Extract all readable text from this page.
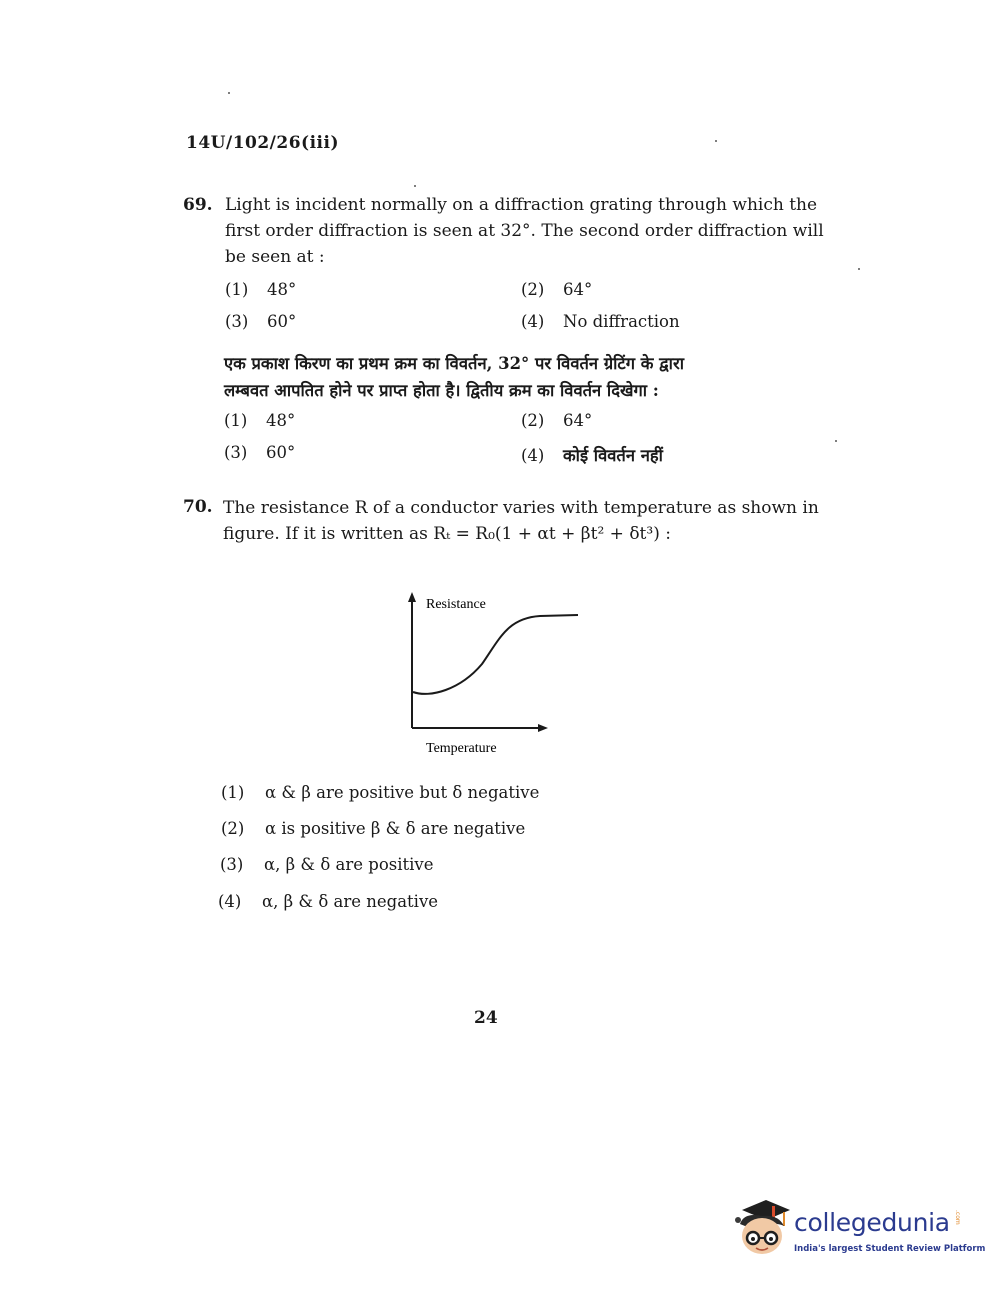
14U/102/26(iii)
69. Light is incident normally on a diffraction grating through which the
first order diffraction is seen at 32°. The second order diffraction will
be seen at :
(1) 48°	(2) 64°
(3) 60°	(4) No diffraction
एक प्रकाश किरण का प्रथम क्रम का विवर्तन, 32° पर विवर्तन ग्रेटिंग के द्वारा
लम्बवत आपतित होने पर प्राप्त होता है। द्वितीय क्रम का विवर्तन दिखेगा :
(1) 48°	(2) 64°
(3) 60°	(4) कोई विवर्तन नहीं
70. The resistance R of a conductor varies with temperature as shown in
figure. If it is written as Rₜ = R₀(1 + αt + βt² + δt³) :
Resistance
Temperature
(1) α & β are positive but δ negative
(2) α is positive β & δ are negative
(3) α, β & δ are positive
(4) α, β & δ are negative
24
collegedunia .com
India's largest Student Review Platform
